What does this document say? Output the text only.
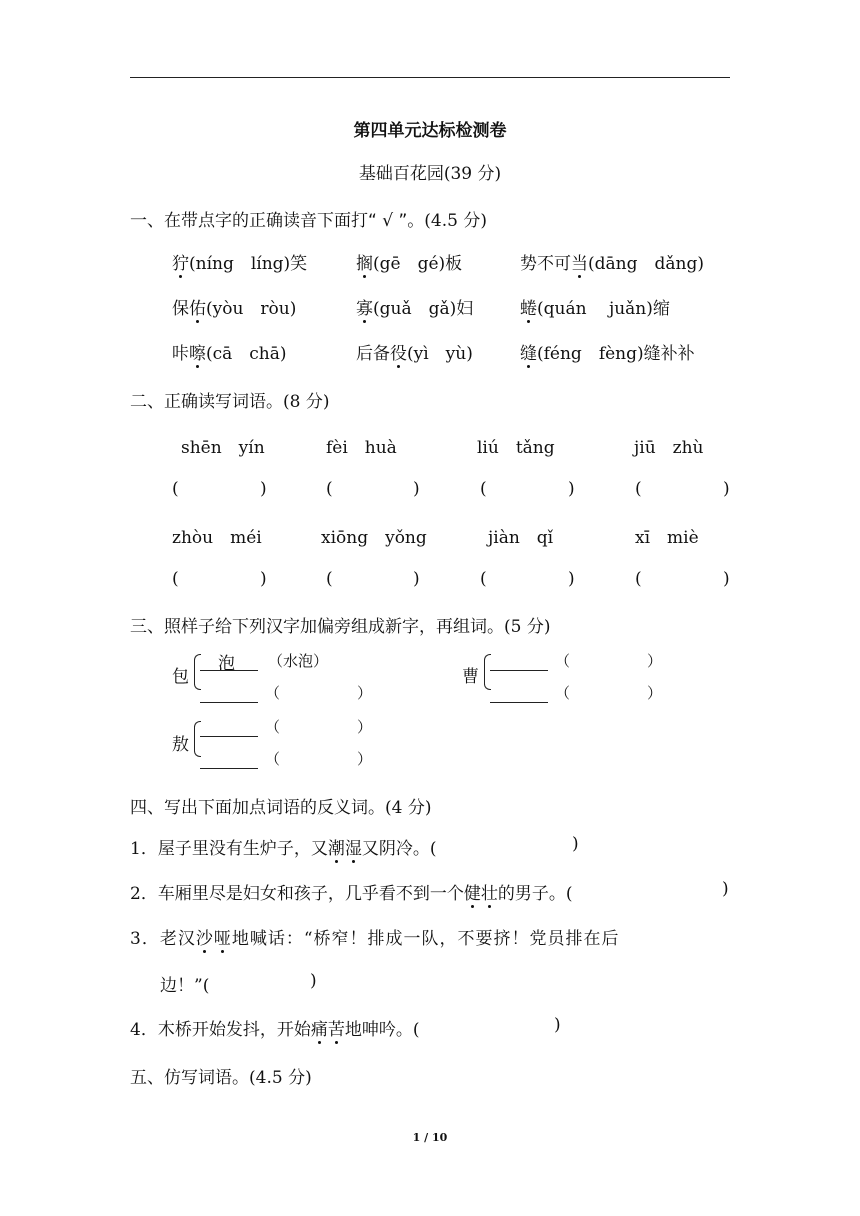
第四单元达标检测卷
基础百花园(39 分)
一、在带点字的正确读音下面打“ √ ”。(4.5 分)
狞(níng　líng)笑	搁(gē　gé)板	势不可当(dāng　dǎng)
保佑(yòu　ròu)	寡(guǎ　gǎ)妇	蜷(quán　 juǎn)缩
咔嚓(cā　chā)	后备役(yì　yù)	缝(féng　fèng)缝补补
二、正确读写词语。(8 分)
shēn　yín	fèi　huà	liú　tǎng	jiū　zhù
(	)	(	)	(	)	(	)
zhòu　méi	xiōng　yǒng	jiàn　qǐ	xī　miè
(	)	(	)	(	)	(	)
三、照样子给下列汉字加偏旁组成新字，再组词。(5 分)
包
泡 （水泡）
（	）
曹
（	）
（	）
敖
（	）
（	）
四、写出下面加点词语的反义词。(4 分)
1．屋子里没有生炉子，又潮湿又阴冷。(	)
2．车厢里尽是妇女和孩子，几乎看不到一个健壮的男子。(	)
3．老汉沙哑地喊话：“桥窄！排成一队，不要挤！党员排在后
边！”(	)
4．木桥开始发抖，开始痛苦地呻吟。(	)
五、仿写词语。(4.5 分)
1 / 10
